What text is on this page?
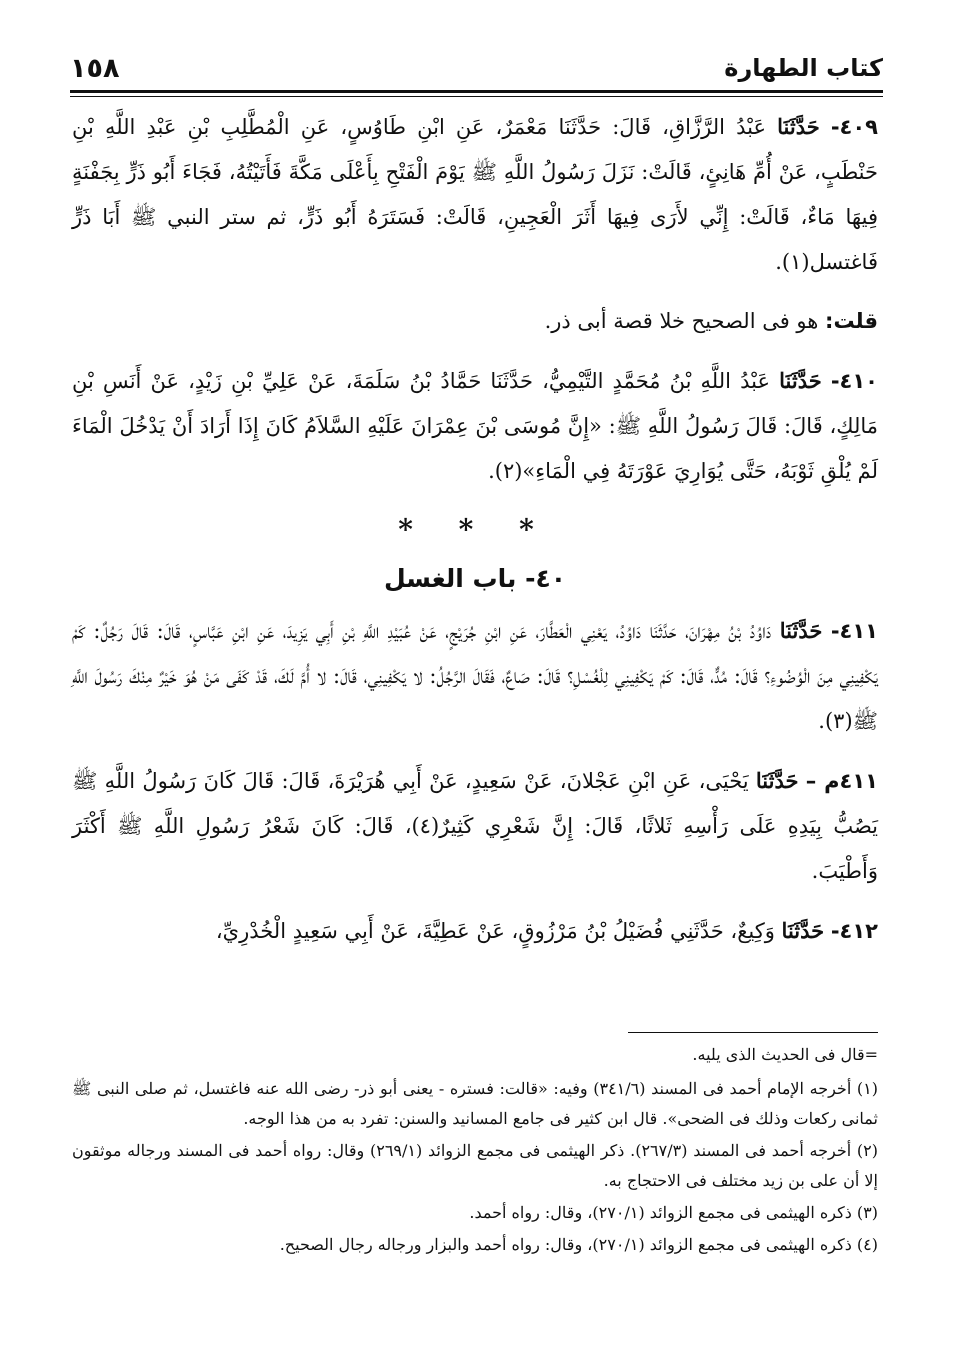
كتاب الطهارة
١٥٨

٤٠٩- حَدَّثَنَا عَبْدُ الرَّزَّاقِ، قَالَ: حَدَّثَنَا مَعْمَرٌ، عَنِ ابْنِ طَاوُسٍ، عَنِ الْمُطَّلِبِ بْنِ عَبْدِ اللَّهِ بْنِ حَنْطَبٍ، عَنْ أُمِّ هَانِئٍ، قَالَتْ: نَزَلَ رَسُولُ اللَّهِ ﷺ يَوْمَ الْفَتْحِ بِأَعْلَى مَكَّةَ فَأَتَيْتُهُ، فَجَاءَ أَبُو ذَرٍّ بِجَفْنَةٍ فِيهَا مَاءٌ، قَالَتْ: إِنِّي لأَرَى فِيهَا أَثَرَ الْعَجِينِ، قَالَتْ: فَسَتَرَهُ أَبُو ذَرٍّ، ثم ستر النبي ﷺ أَبَا ذَرٍّ فَاغتسل(١).

قلت: هو فى الصحيح خلا قصة أبى ذر.

٤١٠- حَدَّثَنَا عَبْدُ اللَّهِ بْنُ مُحَمَّدٍ التَّيْمِيُّ، حَدَّثَنَا حَمَّادُ بْنُ سَلَمَةَ، عَنْ عَلِيِّ بْنِ زَيْدٍ، عَنْ أَنَسِ بْنِ مَالِكٍ، قَالَ: قَالَ رَسُولُ اللَّهِ ﷺ: «إِنَّ مُوسَى بْنَ عِمْرَانَ عَلَيْهِ السَّلاَمُ كَانَ إِذَا أَرَادَ أَنْ يَدْخُلَ الْمَاءَ لَمْ يُلْقِ ثَوْبَهُ، حَتَّى يُوَارِيَ عَوْرَتَهُ فِي الْمَاءِ»(٢).

* * *
٤٠- باب الغسل

٤١١- حَدَّثَنَا دَاوُدُ بْنُ مِهْرَانَ، حَدَّثَنَا دَاوُدُ، يَعْنِي الْعَطَّارَ، عَنِ ابْنِ جُرَيْجٍ، عَنْ عُبَيْدِ اللَّهِ بْنِ أَبِي يَزِيدَ، عَنِ ابْنِ عَبَّاسٍ، قَالَ: قَالَ رَجُلٌ: كَمْ يَكْفِينِي مِنَ الْوُضُوءِ؟ قَالَ: مُدٌّ، قَالَ: كَمْ يَكْفِينِي لِلْغُسْلِ؟ قَالَ: صَاعٌ، فَقَالَ الرَّجُلُ: لا يَكْفِينِي، قَالَ: لا أُمَّ لَكَ، قَدْ كَفَى مَنْ هُوَ خَيْرٌ مِنْكَ رَسُولَ اللَّهِ ﷺ(٣).

٤١١م – حَدَّثَنَا يَحْيَى، عَنِ ابْنِ عَجْلانَ، عَنْ سَعِيدٍ، عَنْ أَبِي هُرَيْرَةَ، قَالَ: قَالَ كَانَ رَسُولُ اللَّهِ ﷺ يَصُبُّ بِيَدِهِ عَلَى رَأْسِهِ ثَلاثًا، قَالَ: إِنَّ شَعْرِي كَثِيرٌ(٤)، قَالَ: كَانَ شَعْرُ رَسُولِ اللَّهِ ﷺ أَكْثَرَ وَأَطْيَبَ.

٤١٢- حَدَّثَنَا وَكِيعٌ، حَدَّثَنِي فُضَيْلُ بْنُ مَرْزُوقٍ، عَنْ عَطِيَّةَ، عَنْ أَبِي سَعِيدٍ الْخُدْرِيِّ،

=قال فى الحديث الذى يليه.

(١) أخرجه الإمام أحمد فى المسند (٣٤١/٦) وفيه: «قالت: فستره - يعنى أبو ذر- رضى الله عنه فاغتسل، ثم صلى النبى ﷺ ثمانى ركعات وذلك فى الضحى». قال ابن كثير فى جامع المسانيد والسنن: تفرد به من هذا الوجه.

(٢) أخرجه أحمد فى المسند (٢٦٧/٣). ذكر الهيثمى فى مجمع الزوائد (٢٦٩/١) وقال: رواه أحمد فى المسند ورجاله موثقون إلا أن على بن زيد مختلف فى الاحتجاج به.

(٣) ذكره الهيثمى فى مجمع الزوائد (٢٧٠/١)، وقال: رواه أحمد.

(٤) ذكره الهيثمى فى مجمع الزوائد (٢٧٠/١)، وقال: رواه أحمد والبزار ورجاله رجال الصحيح.
